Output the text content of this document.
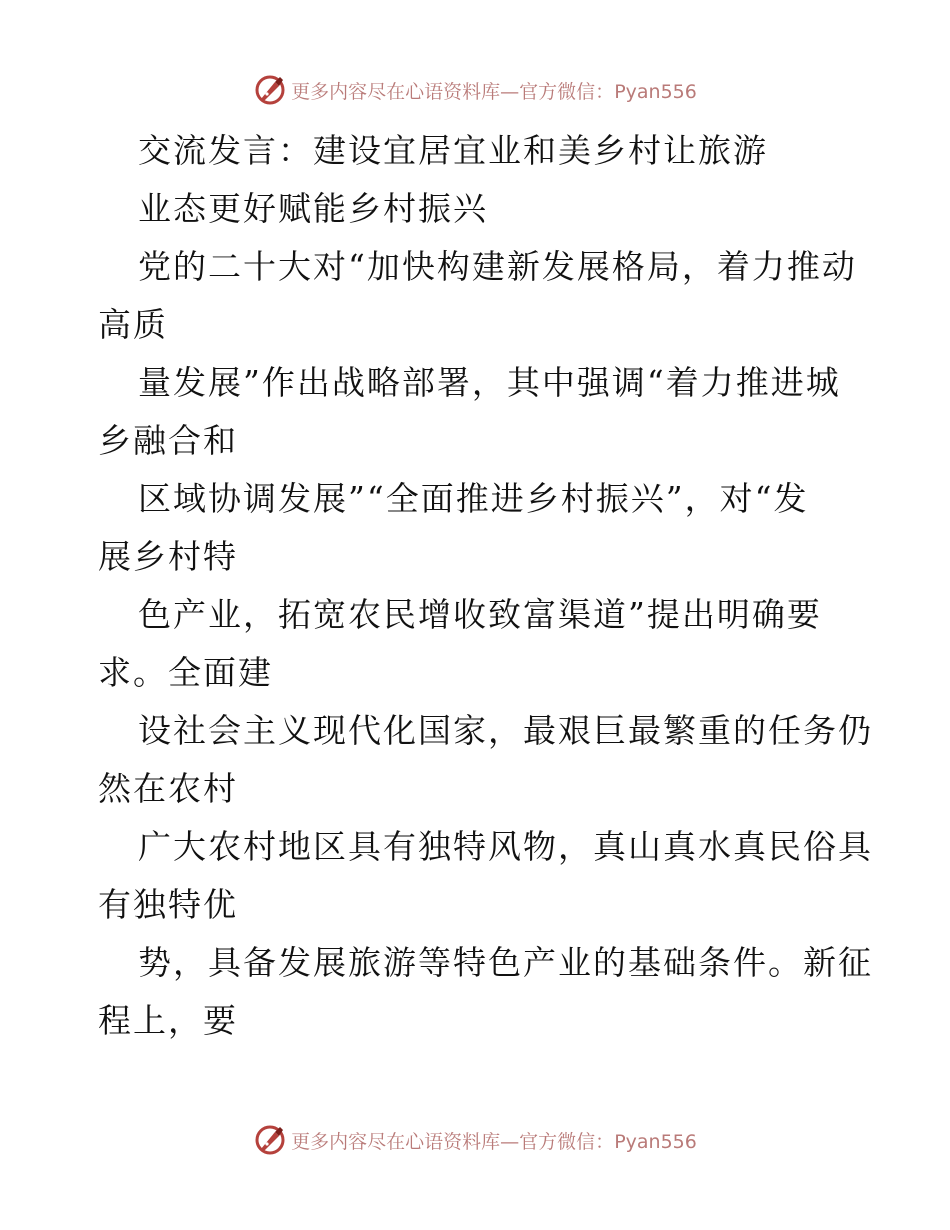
更多内容尽在心语资料库—官方微信：Pyan556
交流发言：建设宜居宜业和美乡村让旅游
业态更好赋能乡村振兴
党的二十大对“加快构建新发展格局，着力推动
高质
量发展”作出战略部署，其中强调“着力推进城
乡融合和
区域协调发展”“全面推进乡村振兴”，对“发
展乡村特
色产业，拓宽农民增收致富渠道”提出明确要
求。全面建
设社会主义现代化国家，最艰巨最繁重的任务仍
然在农村
广大农村地区具有独特风物，真山真水真民俗具
有独特优
势，具备发展旅游等特色产业的基础条件。新征
程上，要
更多内容尽在心语资料库—官方微信：Pyan556
